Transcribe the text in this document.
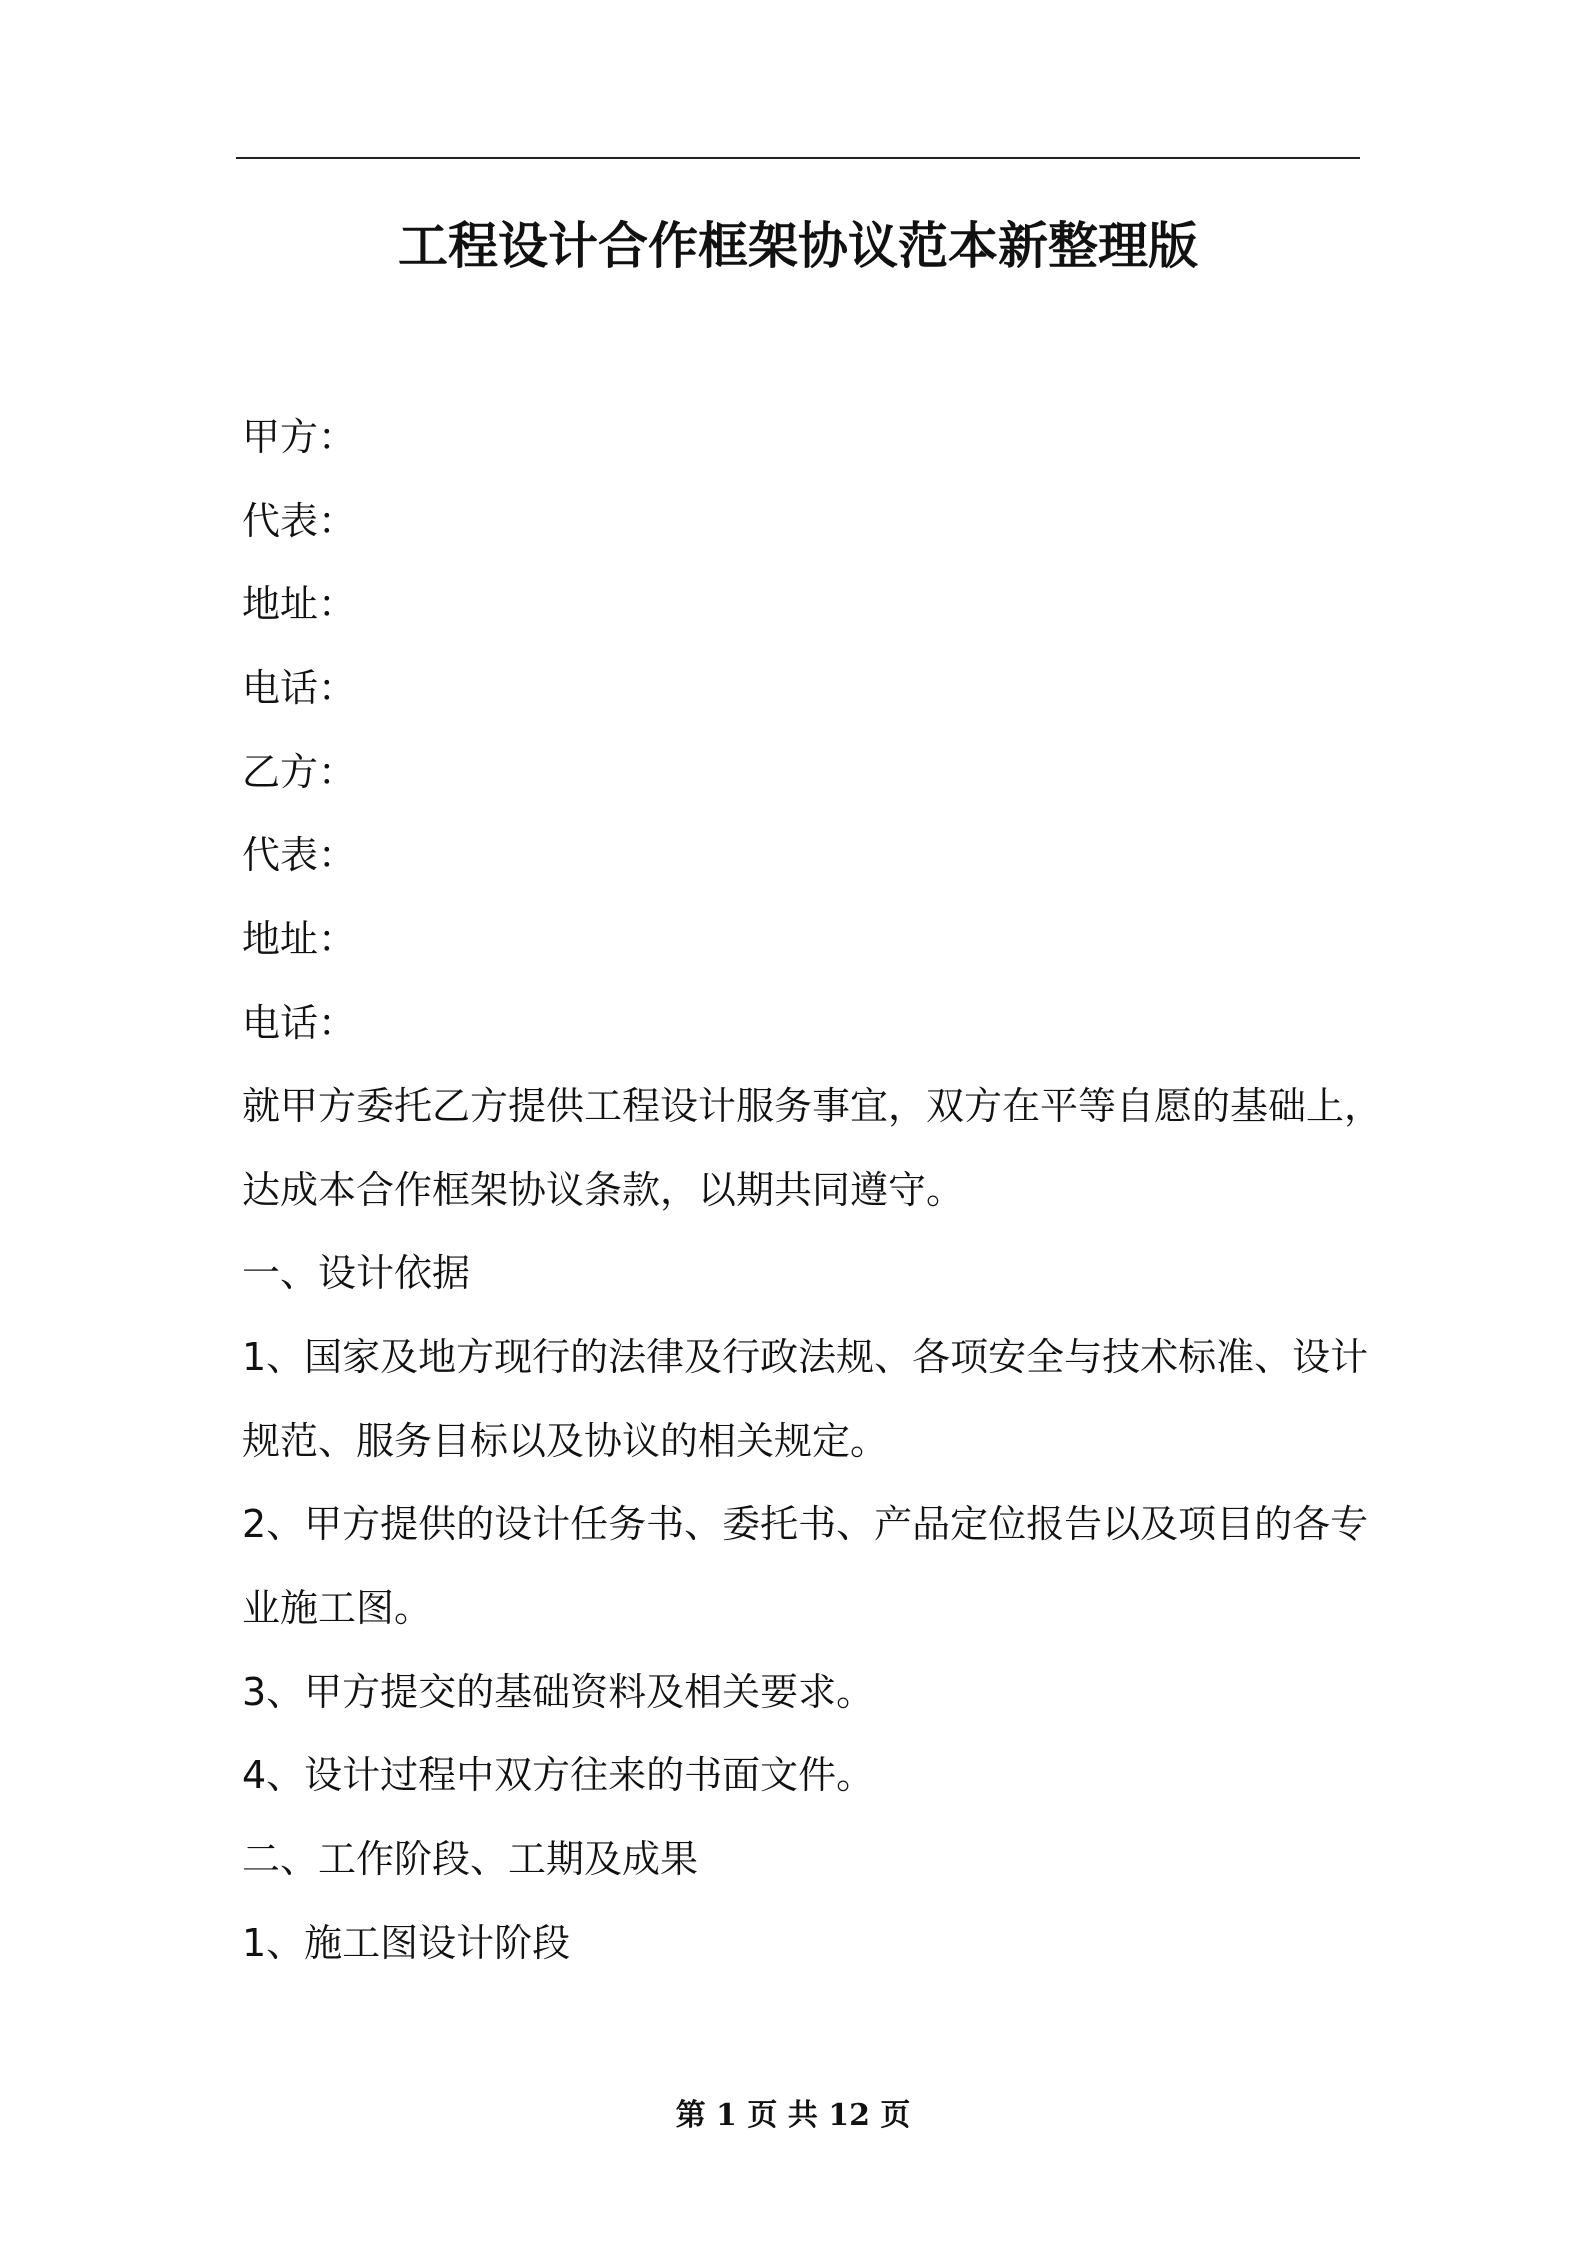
工程设计合作框架协议范本新整理版

甲方：

代表：

地址：

电话：

乙方：

代表：

地址：

电话：

就甲方委托乙方提供工程设计服务事宜，双方在平等自愿的基础上，

达成本合作框架协议条款，以期共同遵守。

一、设计依据

1、国家及地方现行的法律及行政法规、各项安全与技术标准、设计

规范、服务目标以及协议的相关规定。

2、甲方提供的设计任务书、委托书、产品定位报告以及项目的各专

业施工图。

3、甲方提交的基础资料及相关要求。

4、设计过程中双方往来的书面文件。

二、工作阶段、工期及成果

1、施工图设计阶段

第 1 页 共 12 页
